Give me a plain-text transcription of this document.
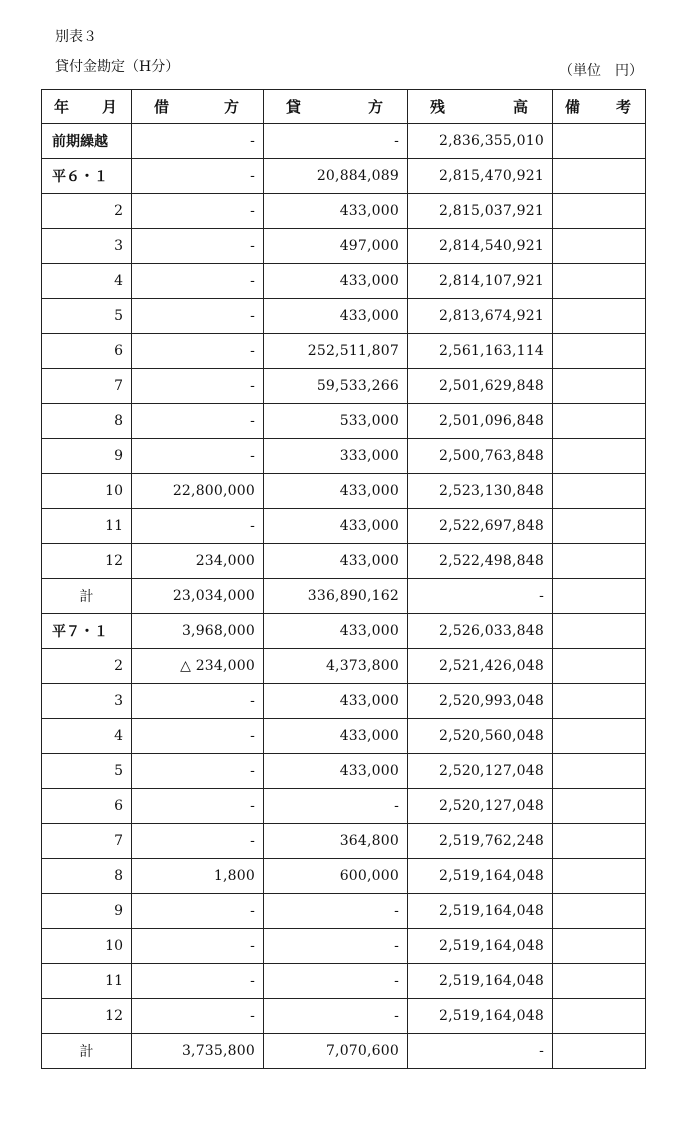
別表３
貸付金勘定（H分）	（単位　円）
年 月	借 方	貸 方	残 高	備 考

前期繰越	-	-	2,836,355,010	
平６・１	-	20,884,089	2,815,470,921	
2	-	433,000	2,815,037,921	
3	-	497,000	2,814,540,921	
4	-	433,000	2,814,107,921	
5	-	433,000	2,813,674,921	
6	-	252,511,807	2,561,163,114	
7	-	59,533,266	2,501,629,848	
8	-	533,000	2,501,096,848	
9	-	333,000	2,500,763,848	
10	22,800,000	433,000	2,523,130,848	
11	-	433,000	2,522,697,848	
12	234,000	433,000	2,522,498,848	
計	23,034,000	336,890,162	-	
平７・１	3,968,000	433,000	2,526,033,848	
2	△ 234,000	4,373,800	2,521,426,048	
3	-	433,000	2,520,993,048	
4	-	433,000	2,520,560,048	
5	-	433,000	2,520,127,048	
6	-	-	2,520,127,048	
7	-	364,800	2,519,762,248	
8	1,800	600,000	2,519,164,048	
9	-	-	2,519,164,048	
10	-	-	2,519,164,048	
11	-	-	2,519,164,048	
12	-	-	2,519,164,048	
計	3,735,800	7,070,600	-	
